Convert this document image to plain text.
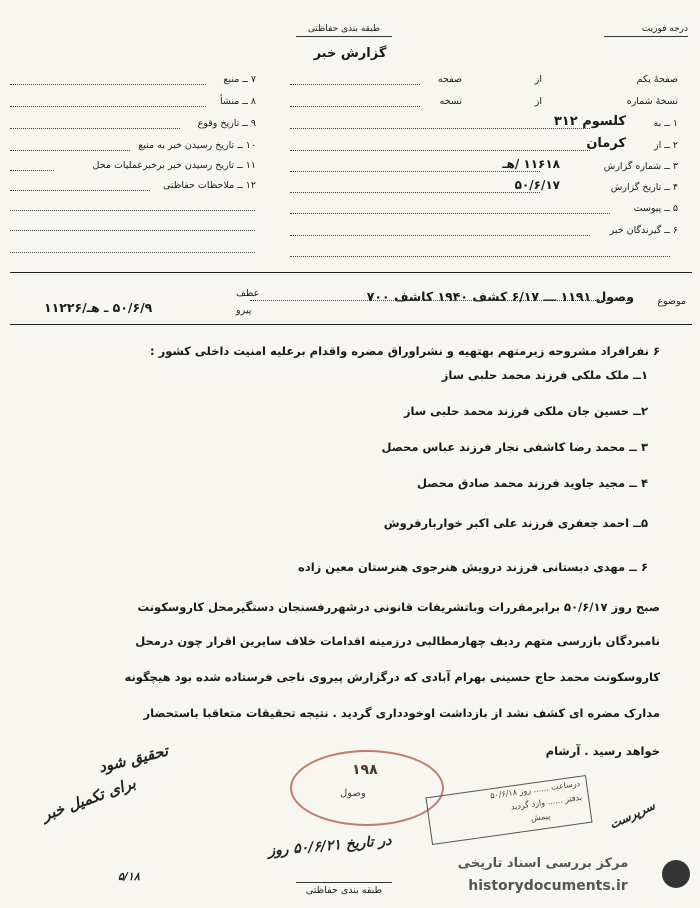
طبقه بندی حفاظتی
گزارش خبر
درجه فوریت
۷ ــ منبع
۸ ــ منشأ
۹ ــ تاریخ وقوع
۱۰ ــ تاریخ رسیدن خبر به منبع
۱۱ ــ تاریخ رسیدن خبر برخبرعملیات محل
۱۲ ــ ملاحظات حفاظتی
صفحهٔ یکم
از
صفحه
نسخهٔ شماره
از
نسخه
۱ ــ به
کلسوم ۳۱۲
۲ ــ از
کرمان
۳ ــ شماره گزارش
۱۱۶۱۸ /هـ
۴ ــ تاریخ گزارش
۵۰/۶/۱۷
۵ ــ پیوست
۶ ــ گیرندگان خبر
موضوع
وصول ۱۱۹۱ ـــ ۶/۱۷ کشف ۱۹۴۰ کاشف ۷۰۰
عطف
پیرو
۵۰/۶/۹ ـ هـ/۱۱۲۲۶
۶ نفرافراد مشروحه زیرمتهم بهتهیه و نشراوراق مضره واقدام برعلیه امنیت داخلی کشور :
۱ــ ملک ملکی فرزند محمد حلبی ساز
۲ــ حسین جان ملکی فرزند محمد حلبی ساز
۳ ــ محمد رضا کاشفی نجار فرزند عباس محصل
۴ ــ مجید جاوید فرزند محمد صادق محصل
۵ــ احمد جعفری فرزند علی اکبر خواربارفروش
۶ ــ مهدی دبستانی فرزند درویش هنرجوی هنرستان معین زاده
صبح روز ۵۰/۶/۱۷ برابرمقررات وباتشریفات قانونی درشهررفسنجان دستگیرمحل کاروسکونت
نامبردگان بازرسی متهم ردیف چهارمطالبی درزمینه اقدامات خلاف سایرین اقرار چون درمحل
کاروسکونت محمد حاج حسینی بهرام آبادی که درگزارش پیروی ناجی فرستاده شده بود هیچگونه
مدارک مضره ای کشف نشد از بازداشت اوخودداری گردید . نتیجه تحقیقات متعاقبا باستحضار
خواهد رسید . آرشام
۱۹۸
وصول	درساعت ...... روز ۵۰/۶/۱۸
بدفتر ...... وارد گردید
پیمش
تحقیق شود
برای تکمیل خبر
۵/۱۸
در تاریخ ۵۰/۶/۲۱ روز
سرپرست
طبقه بندی حفاظتی
مرکز بررسی اسناد تاریخی
historydocuments.ir
